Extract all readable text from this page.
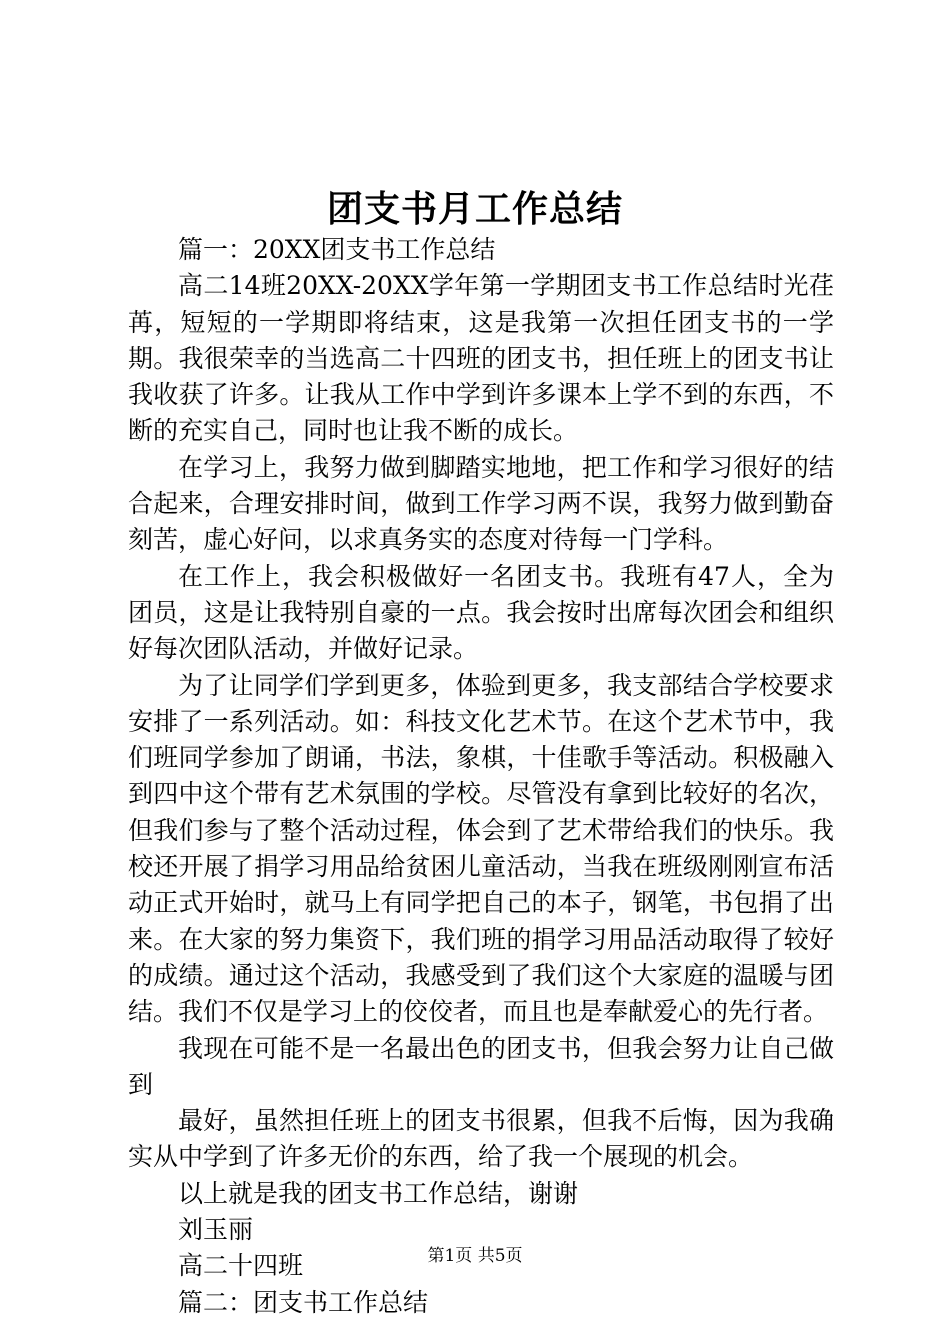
团支书月工作总结

篇一：20XX团支书工作总结

高二14班20XX-20XX学年第一学期团支书工作总结时光荏苒，短短的一学期即将结束，这是我第一次担任团支书的一学期。我很荣幸的当选高二十四班的团支书，担任班上的团支书让我收获了许多。让我从工作中学到许多课本上学不到的东西，不断的充实自己，同时也让我不断的成长。

在学习上，我努力做到脚踏实地地，把工作和学习很好的结合起来，合理安排时间，做到工作学习两不误，我努力做到勤奋刻苦，虚心好问，以求真务实的态度对待每一门学科。

在工作上，我会积极做好一名团支书。我班有47人，全为团员，这是让我特别自豪的一点。我会按时出席每次团会和组织好每次团队活动，并做好记录。

为了让同学们学到更多，体验到更多，我支部结合学校要求安排了一系列活动。如：科技文化艺术节。在这个艺术节中，我们班同学参加了朗诵，书法，象棋，十佳歌手等活动。积极融入到四中这个带有艺术氛围的学校。尽管没有拿到比较好的名次，但我们参与了整个活动过程，体会到了艺术带给我们的快乐。我校还开展了捐学习用品给贫困儿童活动，当我在班级刚刚宣布活动正式开始时，就马上有同学把自己的本子，钢笔，书包捐了出来。在大家的努力集资下，我们班的捐学习用品活动取得了较好的成绩。通过这个活动，我感受到了我们这个大家庭的温暖与团结。我们不仅是学习上的佼佼者，而且也是奉献爱心的先行者。

我现在可能不是一名最出色的团支书，但我会努力让自己做到

最好，虽然担任班上的团支书很累，但我不后悔，因为我确实从中学到了许多无价的东西，给了我一个展现的机会。

以上就是我的团支书工作总结，谢谢

刘玉丽

高二十四班

篇二：团支书工作总结

第1页 共5页
